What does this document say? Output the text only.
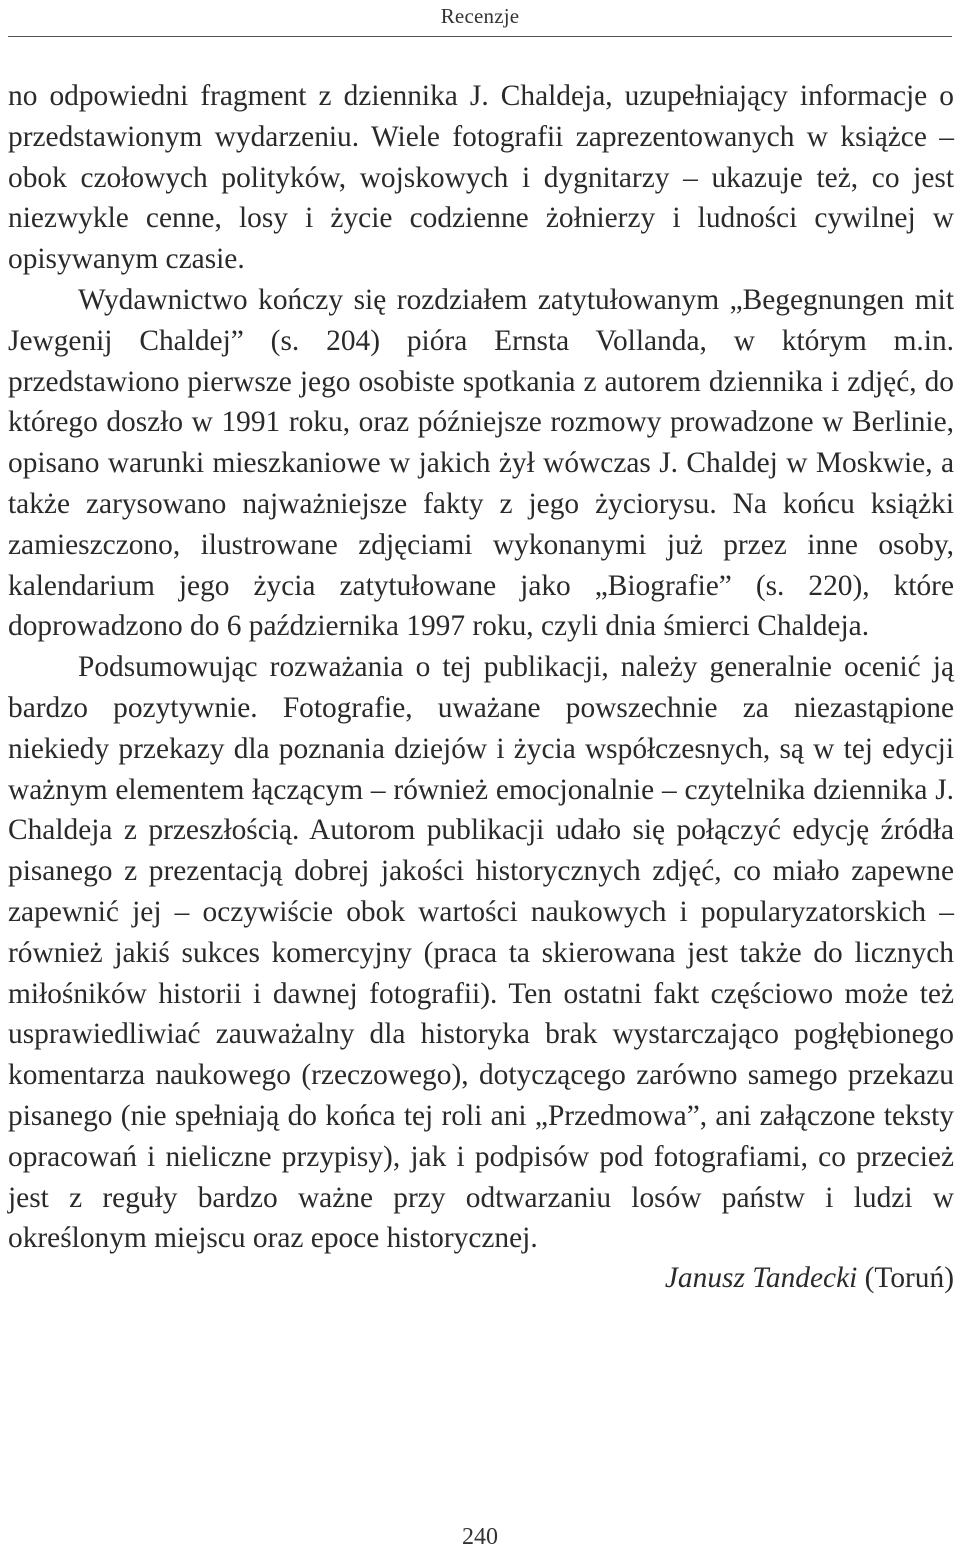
Recenzje

no odpowiedni fragment z dziennika J. Chaldeja, uzupełniający informacje o przedstawionym wydarzeniu. Wiele fotografii zaprezentowanych w książce – obok czołowych polityków, wojskowych i dygnitarzy – ukazuje też, co jest niezwykle cenne, losy i życie codzienne żołnierzy i ludności cywilnej w opisywanym czasie.

Wydawnictwo kończy się rozdziałem zatytułowanym „Begegnungen mit Jewgenij Chaldej” (s. 204) pióra Ernsta Vollanda, w którym m.in. przedstawiono pierwsze jego osobiste spotkania z autorem dziennika i zdjęć, do którego doszło w 1991 roku, oraz późniejsze rozmowy prowadzone w Berlinie, opisano warunki mieszkaniowe w jakich żył wówczas J. Chaldej w Moskwie, a także zarysowano najważniejsze fakty z jego życiorysu. Na końcu książki zamieszczono, ilustrowane zdjęciami wykonanymi już przez inne osoby, kalendarium jego życia zatytułowane jako „Biografie” (s. 220), które doprowadzono do 6 października 1997 roku, czyli dnia śmierci Chaldeja.

Podsumowując rozważania o tej publikacji, należy generalnie ocenić ją bardzo pozytywnie. Fotografie, uważane powszechnie za niezastąpione niekiedy przekazy dla poznania dziejów i życia współczesnych, są w tej edycji ważnym elementem łączącym – również emocjonalnie – czytelnika dziennika J. Chaldeja z przeszłością. Autorom publikacji udało się połączyć edycję źródła pisanego z prezentacją dobrej jakości historycznych zdjęć, co miało zapewne zapewnić jej – oczywiście obok wartości naukowych i popularyzatorskich – również jakiś sukces komercyjny (praca ta skierowana jest także do licznych miłośników historii i dawnej fotografii). Ten ostatni fakt częściowo może też usprawiedliwiać zauważalny dla historyka brak wystarczająco pogłębionego komentarza naukowego (rzeczowego), dotyczącego zarówno samego przekazu pisanego (nie spełniają do końca tej roli ani „Przedmowa”, ani załączone teksty opracowań i nieliczne przypisy), jak i podpisów pod fotografiami, co przecież jest z reguły bardzo ważne przy odtwarzaniu losów państw i ludzi w określonym miejscu oraz epoce historycznej.

Janusz Tandecki (Toruń)
240
